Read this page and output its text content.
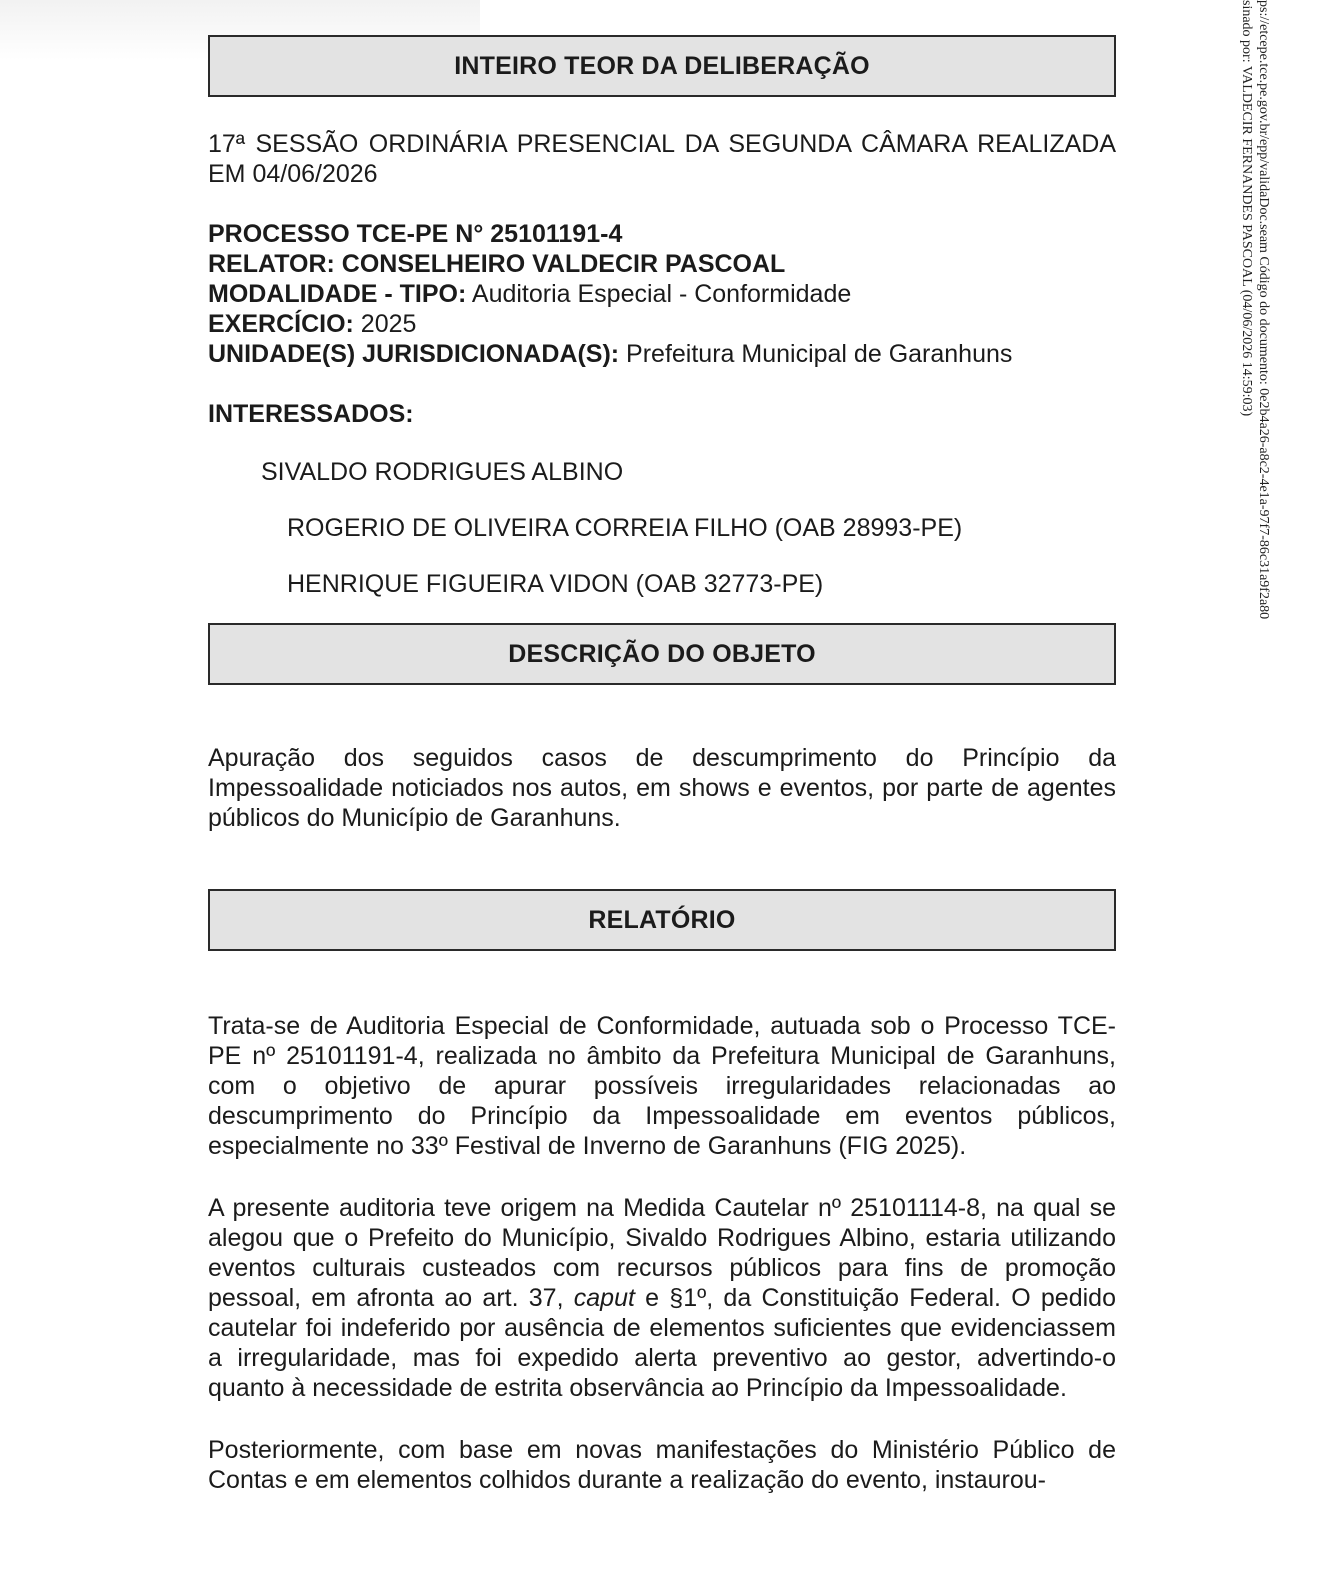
INTEIRO TEOR DA DELIBERAÇÃO

17ª SESSÃO ORDINÁRIA PRESENCIAL DA SEGUNDA CÂMARA REALIZADA EM 04/06/2026

PROCESSO TCE-PE N° 25101191-4
RELATOR: CONSELHEIRO VALDECIR PASCOAL
MODALIDADE - TIPO: Auditoria Especial - Conformidade
EXERCÍCIO: 2025
UNIDADE(S) JURISDICIONADA(S): Prefeitura Municipal de Garanhuns
INTERESSADOS:
SIVALDO RODRIGUES ALBINO
ROGERIO DE OLIVEIRA CORREIA FILHO (OAB 28993-PE)
HENRIQUE FIGUEIRA VIDON (OAB 32773-PE)
DESCRIÇÃO DO OBJETO

Apuração dos seguidos casos de descumprimento do Princípio da Impessoalidade noticiados nos autos, em shows e eventos, por parte de agentes públicos do Município de Garanhuns.

RELATÓRIO

Trata-se de Auditoria Especial de Conformidade, autuada sob o Processo TCE-PE nº 25101191-4, realizada no âmbito da Prefeitura Municipal de Garanhuns, com o objetivo de apurar possíveis irregularidades relacionadas ao descumprimento do Princípio da Impessoalidade em eventos públicos, especialmente no 33º Festival de Inverno de Garanhuns (FIG 2025).

A presente auditoria teve origem na Medida Cautelar nº 25101114-8, na qual se alegou que o Prefeito do Município, Sivaldo Rodrigues Albino, estaria utilizando eventos culturais custeados com recursos públicos para fins de promoção pessoal, em afronta ao art. 37, caput e §1º, da Constituição Federal. O pedido cautelar foi indeferido por ausência de elementos suficientes que evidenciassem a irregularidade, mas foi expedido alerta preventivo ao gestor, advertindo-o quanto à necessidade de estrita observância ao Princípio da Impessoalidade.

Posteriormente, com base em novas manifestações do Ministério Público de Contas e em elementos colhidos durante a realização do evento, instaurou-

ps://etcepe.tce.pe.gov.br/epp/validaDoc.seam Código do documento: 0e2b4a26-a8c2-4e1a-97f7-86c31a9f2a80
sinado por: VALDECIR FERNANDES PASCOAL (04/06/2026 14:59:03)
